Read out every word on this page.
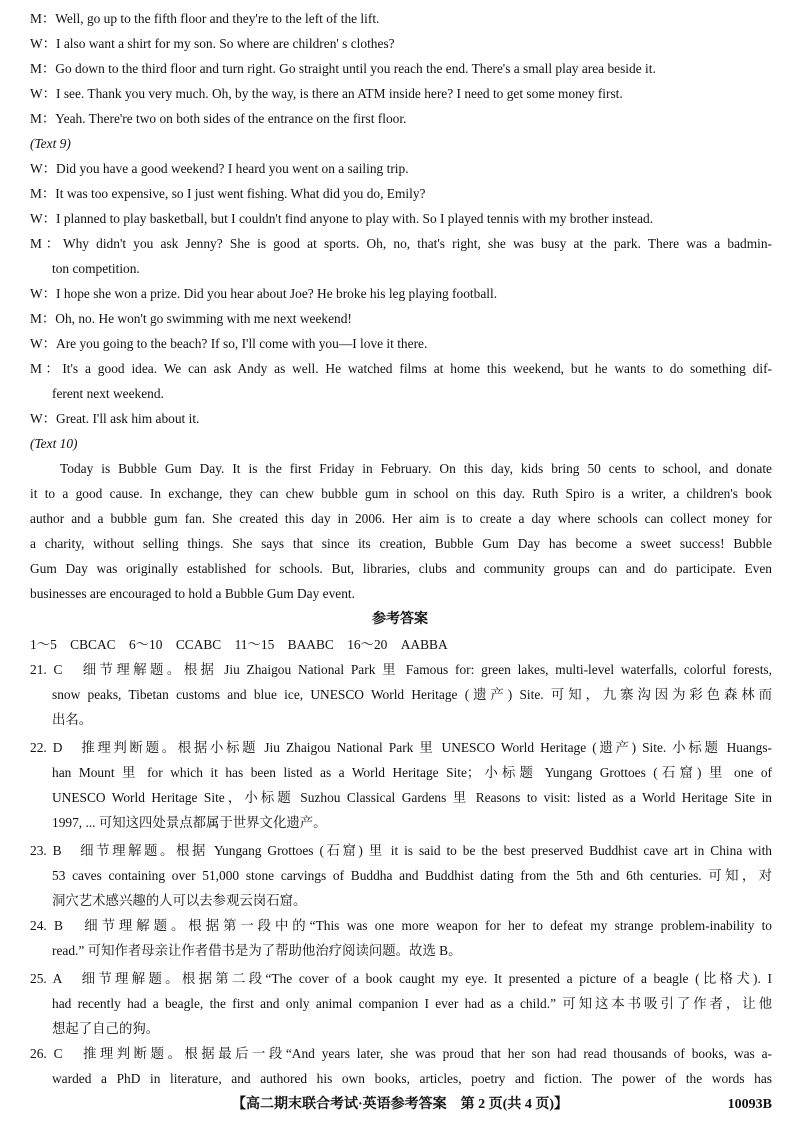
M：Well, go up to the fifth floor and they're to the left of the lift.
W：I also want a shirt for my son. So where are children' s clothes?
M：Go down to the third floor and turn right. Go straight until you reach the end. There's a small play area beside it.
W：I see. Thank you very much. Oh, by the way, is there an ATM inside here? I need to get some money first.
M：Yeah. There're two on both sides of the entrance on the first floor.
(Text 9)
W：Did you have a good weekend? I heard you went on a sailing trip.
M：It was too expensive, so I just went fishing. What did you do, Emily?
W：I planned to play basketball, but I couldn't find anyone to play with. So I played tennis with my brother instead.
M：Why didn't you ask Jenny? She is good at sports. Oh, no, that's right, she was busy at the park. There was a badmin-
ton competition.
W：I hope she won a prize. Did you hear about Joe? He broke his leg playing football.
M：Oh, no. He won't go swimming with me next weekend!
W：Are you going to the beach? If so, I'll come with you—I love it there.
M：It's a good idea. We can ask Andy as well. He watched films at home this weekend, but he wants to do something dif-
ferent next weekend.
W：Great. I'll ask him about it.
(Text 10)
Today is Bubble Gum Day. It is the first Friday in February. On this day, kids bring 50 cents to school, and donate
it to a good cause. In exchange, they can chew bubble gum in school on this day. Ruth Spiro is a writer, a children's book
author and a bubble gum fan. She created this day in 2006. Her aim is to create a day where schools can collect money for
a charity, without selling things. She says that since its creation, Bubble Gum Day has become a sweet success! Bubble
Gum Day was originally established for schools. But, libraries, clubs and community groups can and do participate. Even
businesses are encouraged to hold a Bubble Gum Day event.
参考答案
1～5　CBCAC　6～10　CCABC　11～15　BAABC　16～20　AABBA
21. C　细节理解题。根据 Jiu Zhaigou National Park 里 Famous for: green lakes, multi-level waterfalls, colorful forests,
snow peaks, Tibetan customs and blue ice, UNESCO World Heritage (遗产) Site. 可知，九寨沟因为彩色森林而
出名。
22. D　推理判断题。根据小标题 Jiu Zhaigou National Park 里 UNESCO World Heritage (遗产) Site. 小标题 Huangs-
han Mount 里 for which it has been listed as a World Heritage Site；小标题 Yungang Grottoes (石窟) 里 one of
UNESCO World Heritage Site，小标题 Suzhou Classical Gardens 里 Reasons to visit: listed as a World Heritage Site in
1997, ... 可知这四处景点都属于世界文化遗产。
23. B　细节理解题。根据 Yungang Grottoes (石窟) 里 it is said to be the best preserved Buddhist cave art in China with
53 caves containing over 51,000 stone carvings of Buddha and Buddhist dating from the 5th and 6th centuries. 可知，对
洞穴艺术感兴趣的人可以去参观云岗石窟。
24. B　细节理解题。根据第一段中的“This was one more weapon for her to defeat my strange problem-inability to
read.” 可知作者母亲让作者借书是为了帮助他治疗阅读问题。故选 B。
25. A　细节理解题。根据第二段“The cover of a book caught my eye. It presented a picture of a beagle (比格犬). I
had recently had a beagle, the first and only animal companion I ever had as a child.” 可知这本书吸引了作者，让他
想起了自己的狗。
26. C　推理判断题。根据最后一段“And years later, she was proud that her son had read thousands of books, was a-
warded a PhD in literature, and authored his own books, articles, poetry and fiction. The power of the words has
【高二期末联合考试·英语参考答案　第 2 页(共 4 页)】	10093B
